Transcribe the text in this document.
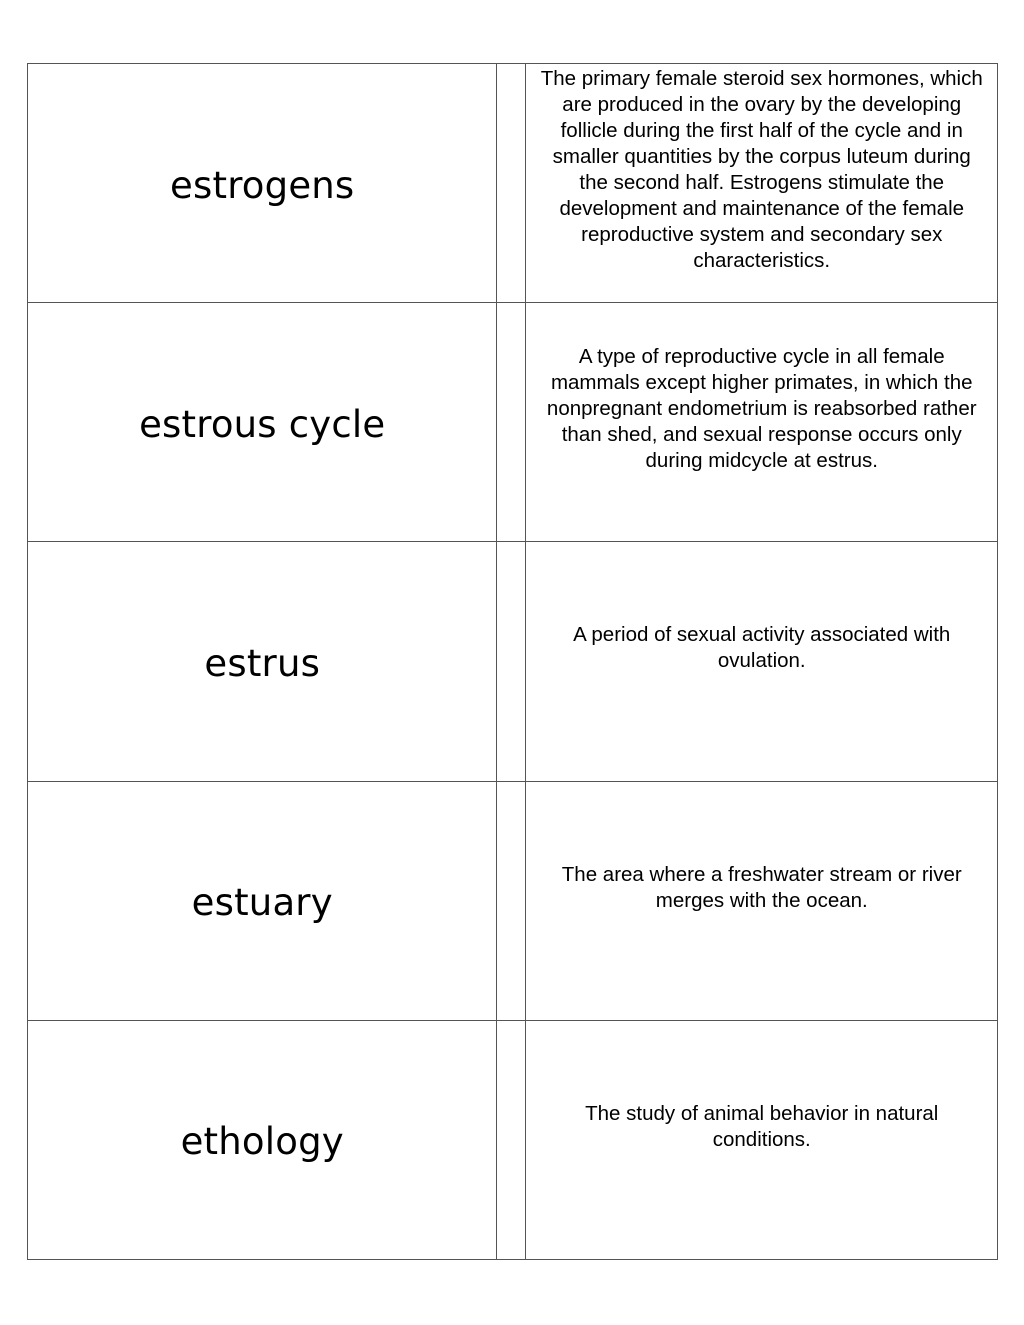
estrogens		The primary female steroid sex hormones, which are produced in the ovary by the developing follicle during the first half of the cycle and in smaller quantities by the corpus luteum during the second half. Estrogens stimulate the development and maintenance of the female reproductive system and secondary sex characteristics.
estrous cycle		A type of reproductive cycle in all female mammals except higher primates, in which the nonpregnant endometrium is reabsorbed rather than shed, and sexual response occurs only during midcycle at estrus.
estrus		A period of sexual activity associated with ovulation.
estuary		The area where a freshwater stream or river merges with the ocean.
ethology		The study of animal behavior in natural conditions.
